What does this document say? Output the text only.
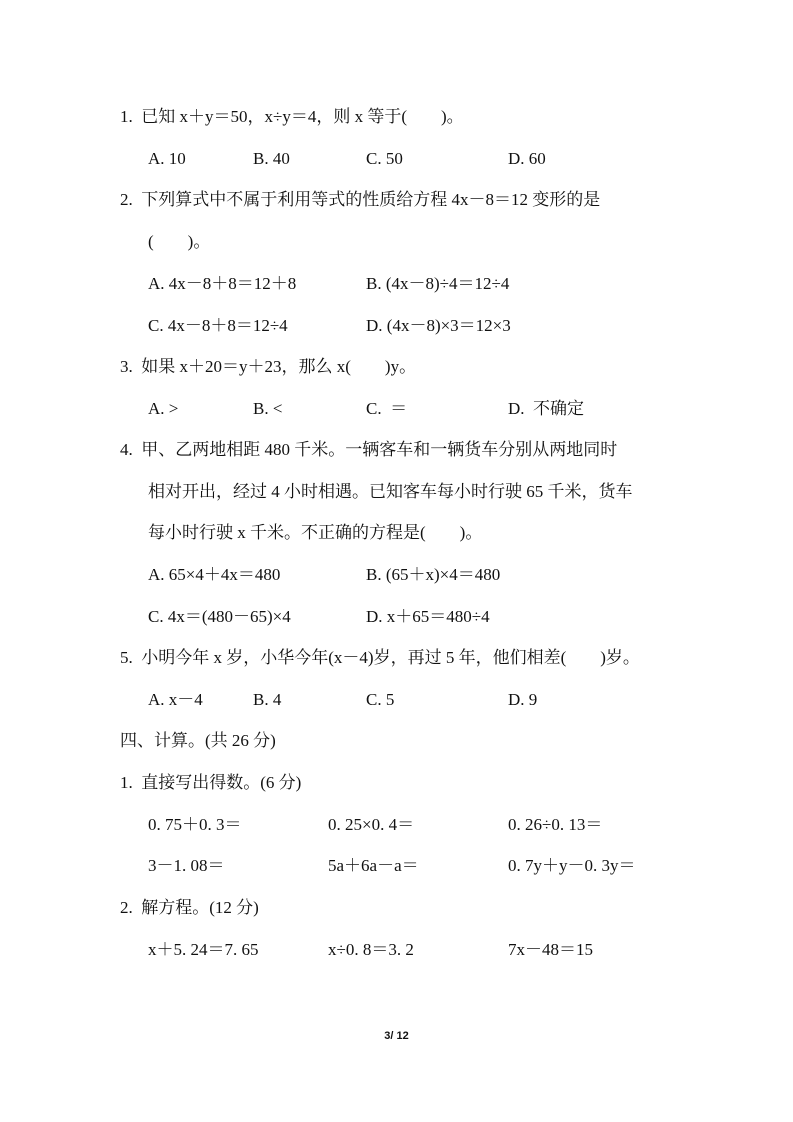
1.  已知 x＋y＝50，x÷y＝4，则 x 等于(        )。
A. 10	B. 40	C. 50	D. 60
2.  下列算式中不属于利用等式的性质给方程 4x－8＝12 变形的是
(        )。
A. 4x－8＋8＝12＋8	B. (4x－8)÷4＝12÷4
C. 4x－8＋8＝12÷4	D. (4x－8)×3＝12×3
3.  如果 x＋20＝y＋23，那么 x(        )y。
A. >	B. <	C.  ＝	D.  不确定
4.  甲、乙两地相距 480 千米。一辆客车和一辆货车分别从两地同时
相对开出，经过 4 小时相遇。已知客车每小时行驶 65 千米，货车
每小时行驶 x 千米。不正确的方程是(        )。
A. 65×4＋4x＝480	B. (65＋x)×4＝480
C. 4x＝(480－65)×4	D. x＋65＝480÷4
5.  小明今年 x 岁，小华今年(x－4)岁，再过 5 年，他们相差(        )岁。
A. x－4	B. 4	C. 5	D. 9
四、计算。(共 26 分)
1.  直接写出得数。(6 分)
0. 75＋0. 3＝	0. 25×0. 4＝	0. 26÷0. 13＝
3－1. 08＝	5a＋6a－a＝	0. 7y＋y－0. 3y＝
2.  解方程。(12 分)
x＋5. 24＝7. 65	x÷0. 8＝3. 2	7x－48＝15
3/ 12
